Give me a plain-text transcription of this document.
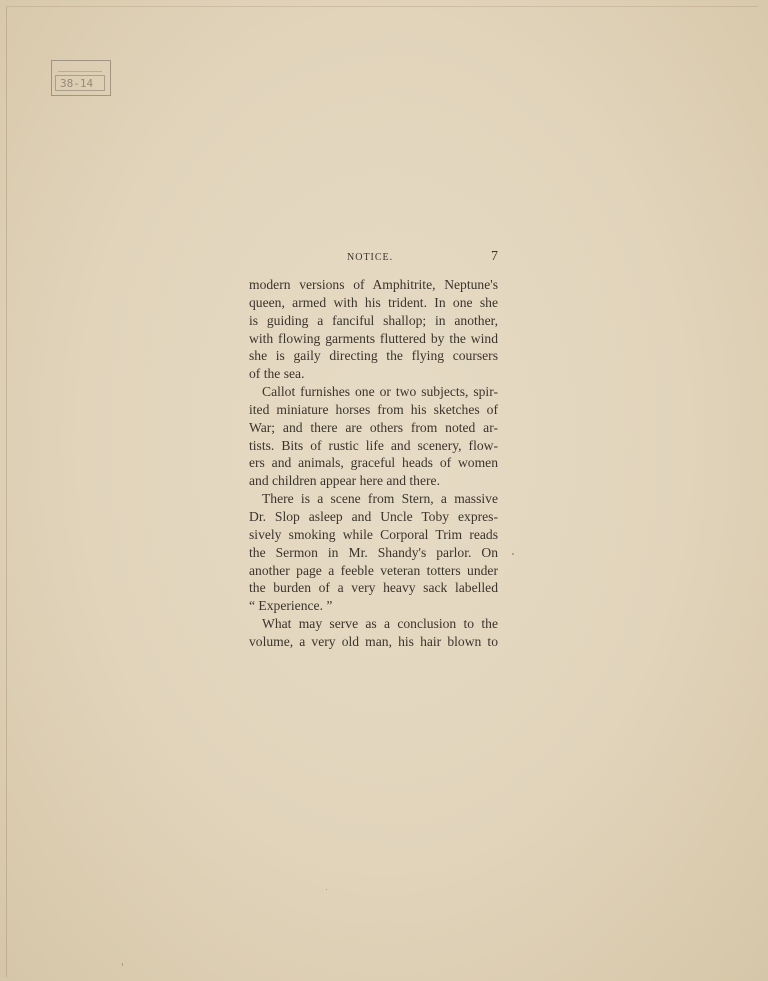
38-14
NOTICE.	7
modern versions of Amphitrite, Neptune's
queen, armed with his trident. In one she
is guiding a fanciful shallop; in another,
with flowing garments fluttered by the wind
she is gaily directing the flying coursers
of the sea.
Callot furnishes one or two subjects, spir-
ited miniature horses from his sketches of
War; and there are others from noted ar-
tists. Bits of rustic life and scenery, flow-
ers and animals, graceful heads of women
and children appear here and there.
There is a scene from Stern, a massive
Dr. Slop asleep and Uncle Toby expres-
sively smoking while Corporal Trim reads
the Sermon in Mr. Shandy's parlor. On
another page a feeble veteran totters under
the burden of a very heavy sack labelled
“ Experience. ”
What may serve as a conclusion to the
volume, a very old man, his hair blown to
